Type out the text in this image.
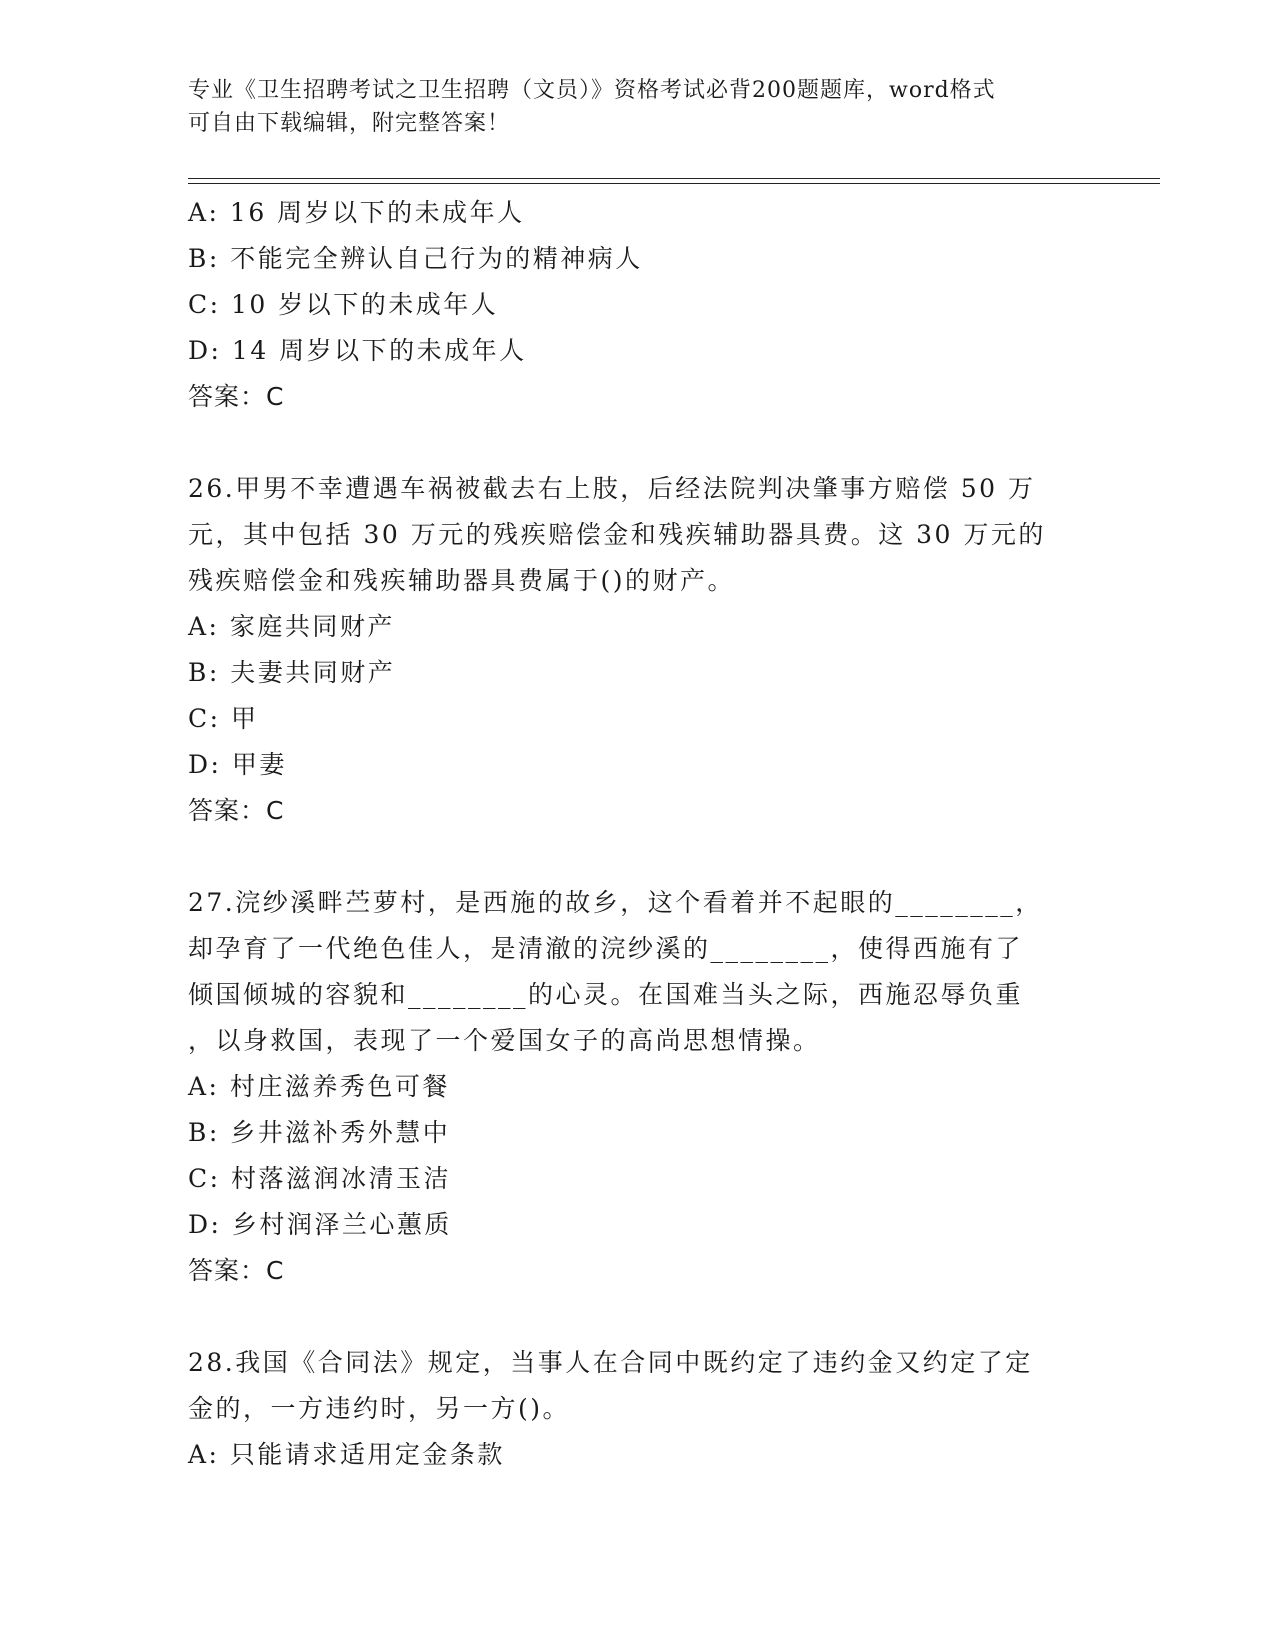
专业《卫生招聘考试之卫生招聘（文员）》资格考试必背200题题库，word格式
可自由下载编辑，附完整答案！
A: 16 周岁以下的未成年人
B: 不能完全辨认自己行为的精神病人
C: 10 岁以下的未成年人
D: 14 周岁以下的未成年人
答案：C
26.甲男不幸遭遇车祸被截去右上肢，后经法院判决肇事方赔偿 50 万
元，其中包括 30 万元的残疾赔偿金和残疾辅助器具费。这 30 万元的
残疾赔偿金和残疾辅助器具费属于()的财产。
A: 家庭共同财产
B: 夫妻共同财产
C: 甲
D: 甲妻
答案：C
27.浣纱溪畔苎萝村，是西施的故乡，这个看着并不起眼的________，
却孕育了一代绝色佳人，是清澈的浣纱溪的________，使得西施有了
倾国倾城的容貌和________的心灵。在国难当头之际，西施忍辱负重
，以身救国，表现了一个爱国女子的高尚思想情操。
A: 村庄滋养秀色可餐
B: 乡井滋补秀外慧中
C: 村落滋润冰清玉洁
D: 乡村润泽兰心蕙质
答案：C
28.我国《合同法》规定，当事人在合同中既约定了违约金又约定了定
金的，一方违约时，另一方()。
A: 只能请求适用定金条款
